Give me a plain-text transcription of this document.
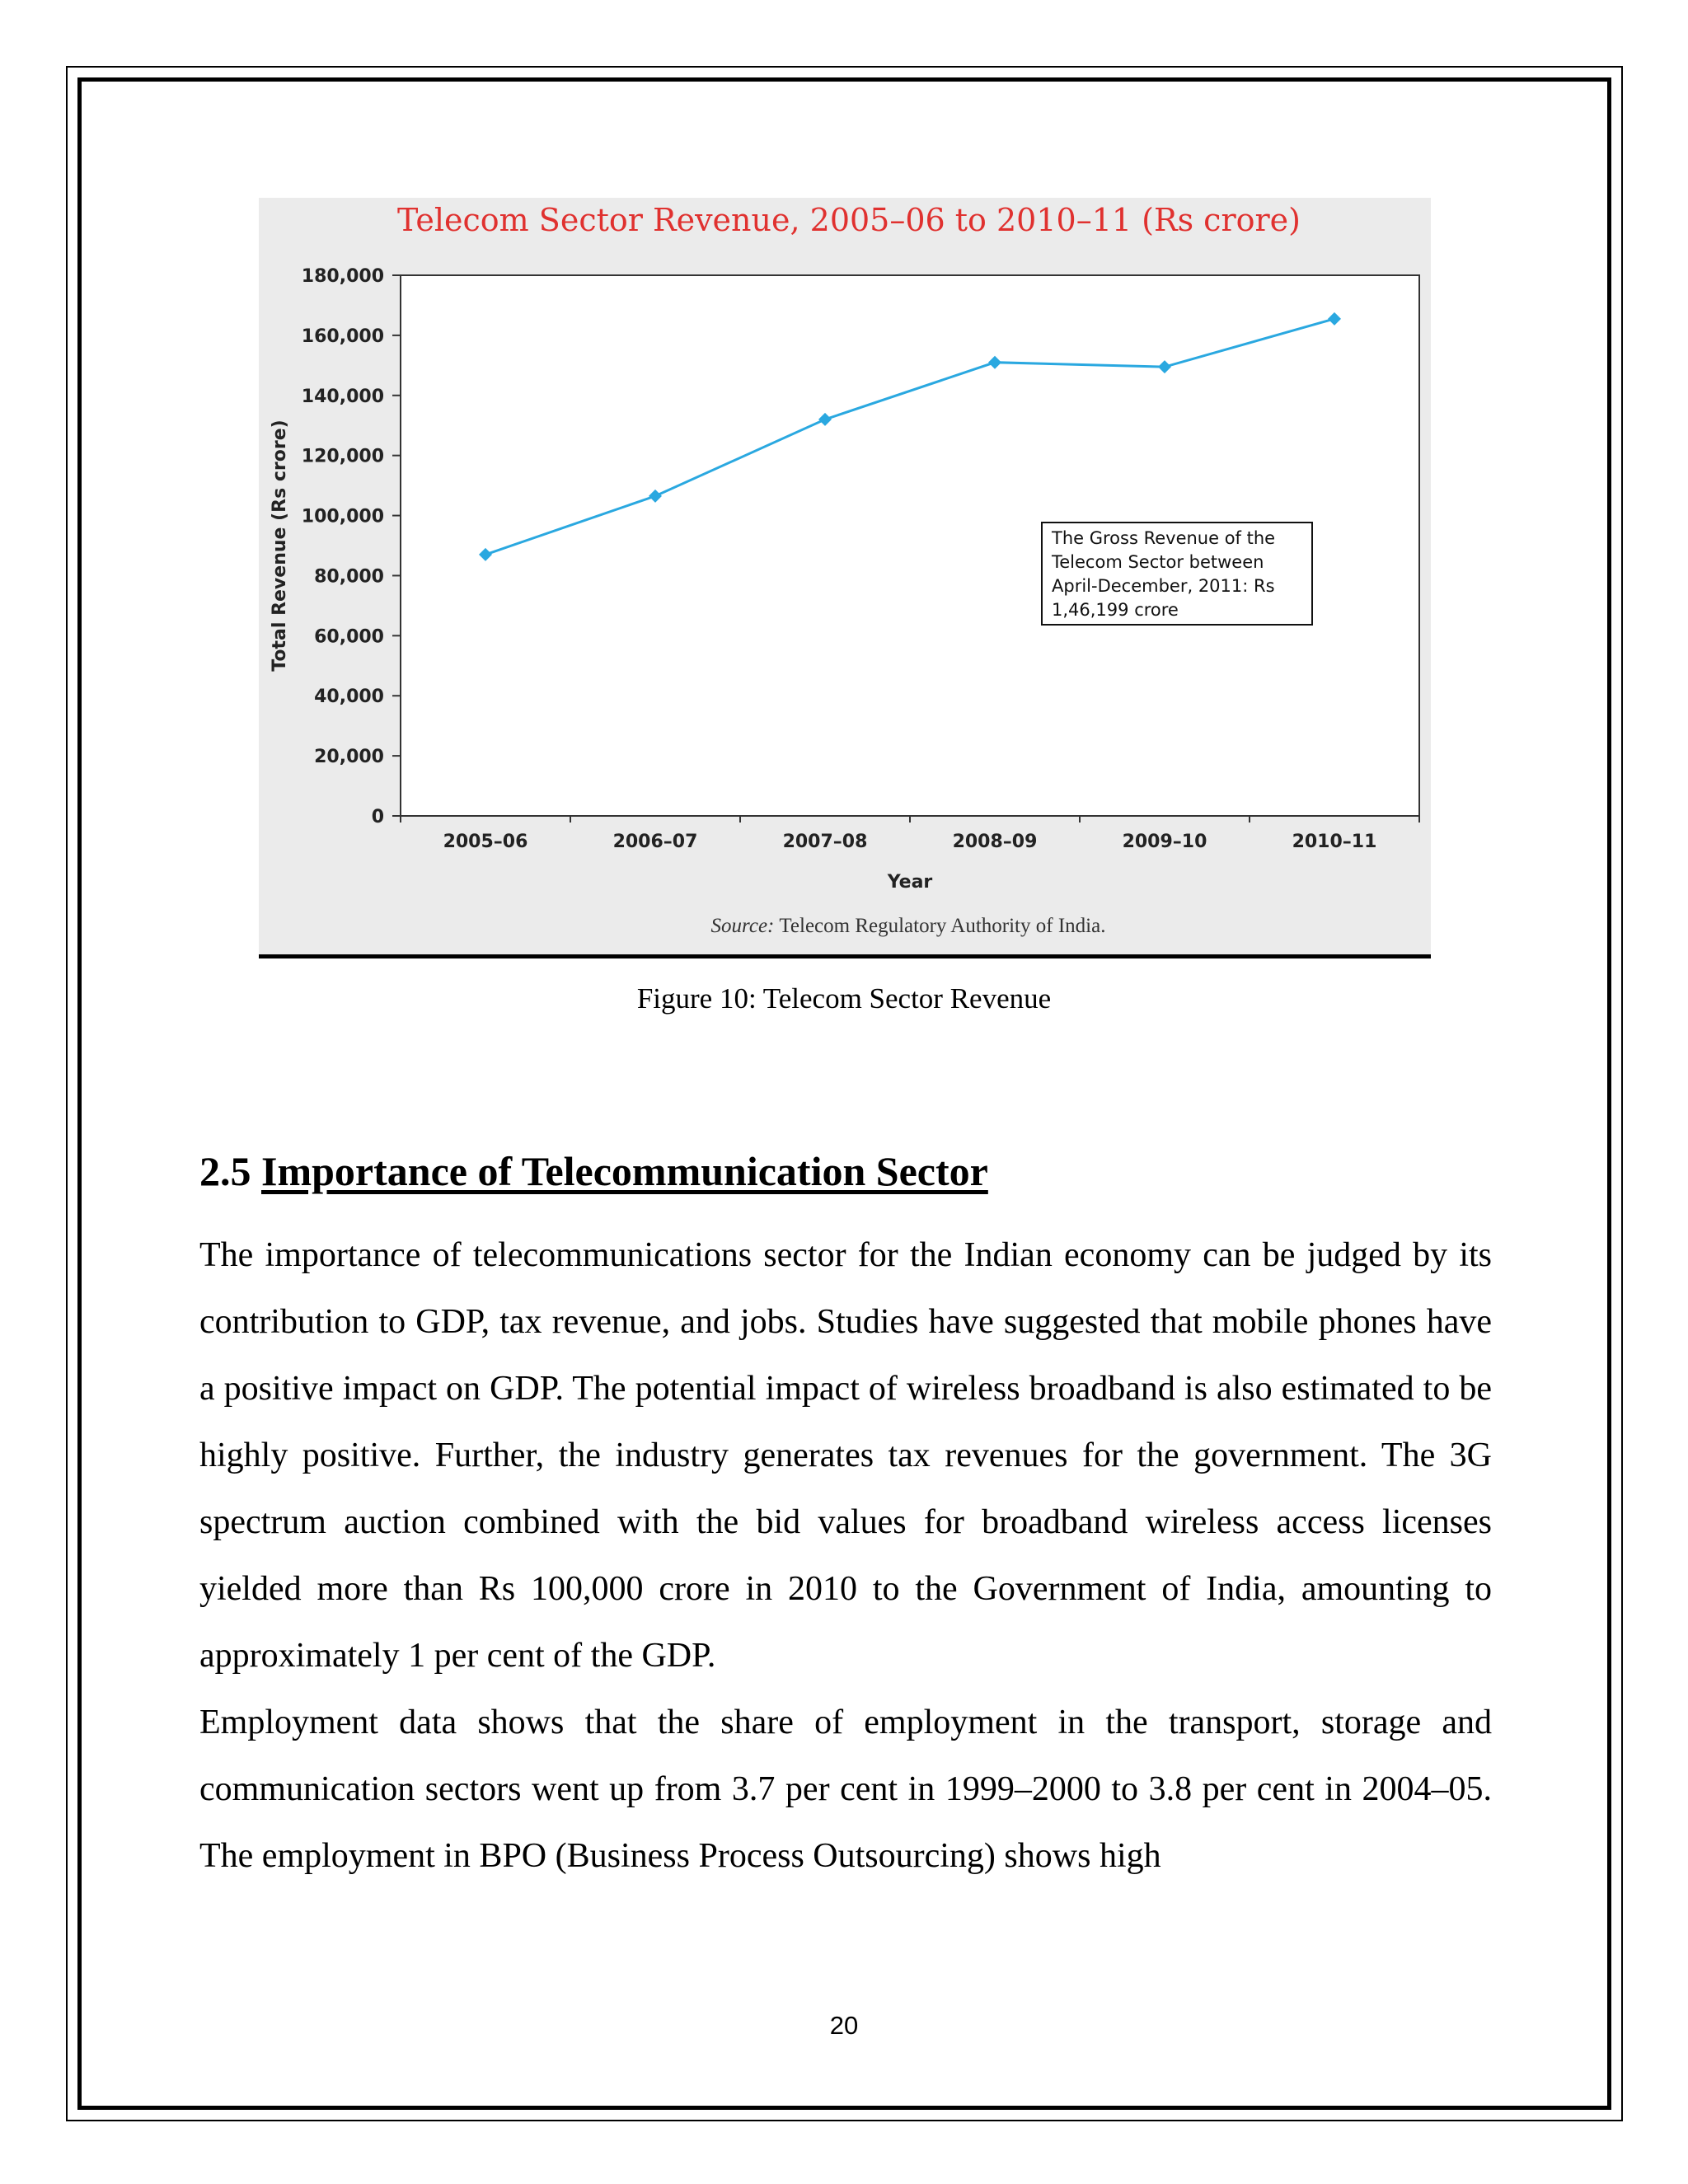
Telecom Sector Revenue, 2005–06 to 2010–11 (Rs crore)
0
20,000
40,000
60,000
80,000
100,000
120,000
140,000
160,000
180,000
2005–06	2006–07	2007–08	2008–09	2009–10	2010–11
Total Revenue (Rs crore)
Year
The Gross Revenue of the
Telecom Sector between
April-December, 2011: Rs
1,46,199 crore
Source: Telecom Regulatory Authority of India.
Figure 10: Telecom Sector Revenue
2.5 Importance of Telecommunication Sector

The importance of telecommunications sector for the Indian economy can be judged by its contribution to GDP, tax revenue, and jobs. Studies have suggested that mobile phones have a positive impact on GDP. The potential impact of wireless broadband is also estimated to be highly positive. Further, the industry generates tax revenues for the government. The 3G spectrum auction combined with the bid values for broadband wireless access licenses yielded more than Rs 100,000 crore in 2010 to the Government of India, amounting to approximately 1 per cent of the GDP.

Employment data shows that the share of employment in the transport, storage and communication sectors went up from 3.7 per cent in 1999–2000 to 3.8 per cent in 2004–05. The employment in BPO (Business Process Outsourcing) shows high

20
